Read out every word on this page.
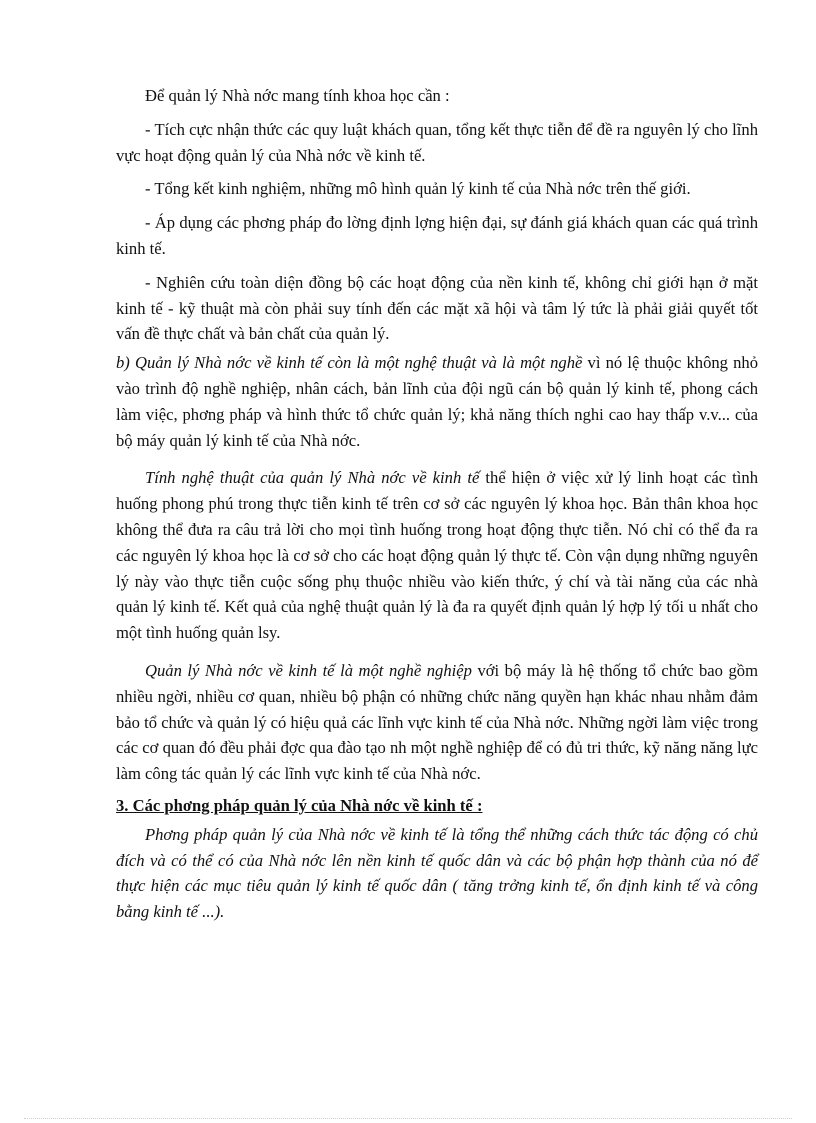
Để quản lý Nhà nớc mang tính khoa học cần :

- Tích cực nhận thức các quy luật khách quan, tổng kết thực tiễn để đề ra nguyên lý cho lĩnh vực hoạt động quản lý của Nhà nớc về kinh tế.

- Tổng kết kinh nghiệm, những mô hình quản lý kinh tế của Nhà nớc trên thế giới.

- Áp dụng các phơng pháp đo lờng định lợng hiện đại, sự đánh giá khách quan các quá trình kinh tế.

- Nghiên cứu toàn diện đồng bộ các hoạt động của nền kinh tế, không chỉ giới hạn ở mặt kinh tế - kỹ thuật mà còn phải suy tính đến các mặt xã hội và tâm lý tức là phải giải quyết tốt vấn đề thực chất và bản chất của quản lý.

b) Quản lý Nhà nớc về kinh tế còn là một nghệ thuật và là một nghề vì nó lệ thuộc không nhỏ vào trình độ nghề nghiệp, nhân cách, bản lĩnh của đội ngũ cán bộ quản lý kinh tế, phong cách làm việc, phơng pháp và hình thức tổ chức quản lý; khả năng thích nghi cao hay thấp v.v... của bộ máy quản lý kinh tế của Nhà nớc.

Tính nghệ thuật của quản lý Nhà nớc về kinh tế thể hiện ở việc xử lý linh hoạt các tình huống phong phú trong thực tiễn kinh tế trên cơ sở các nguyên lý khoa học. Bản thân khoa học không thể đưa ra câu trả lời cho mọi tình huống trong hoạt động thực tiễn. Nó chỉ có thể đa ra các nguyên lý khoa học là cơ sở cho các hoạt động quản lý thực tế. Còn vận dụng những nguyên lý này vào thực tiễn cuộc sống phụ thuộc nhiều vào kiến thức, ý chí và tài năng của các nhà quản lý kinh tế. Kết quả của nghệ thuật quản lý là đa ra quyết định quản lý hợp lý tối u nhất cho một tình huống quản lsy.

Quản lý Nhà nớc về kinh tế là một nghề nghiệp với bộ máy là hệ thống tổ chức bao gồm nhiều ngời, nhiều cơ quan, nhiều bộ phận có những chức năng quyền hạn khác nhau nhằm đảm bảo tổ chức và quản lý có hiệu quả các lĩnh vực kinh tế của Nhà nớc. Những ngời làm việc trong các cơ quan đó đều phải đợc qua đào tạo nh một nghề nghiệp để có đủ tri thức, kỹ năng năng lực làm công tác quản lý các lĩnh vực kinh tế của Nhà nớc.

3. Các phơng pháp quản lý của Nhà nớc về kinh tế :

Phơng pháp quản lý của Nhà nớc về kinh tế là tổng thể những cách thức tác động có chủ đích và có thể có của Nhà nớc lên nền kinh tế quốc dân và các bộ phận hợp thành của nó để thực hiện các mục tiêu quản lý kinh tế quốc dân ( tăng trởng kinh tế, ổn định kinh tế và công bằng kinh tế ...).
